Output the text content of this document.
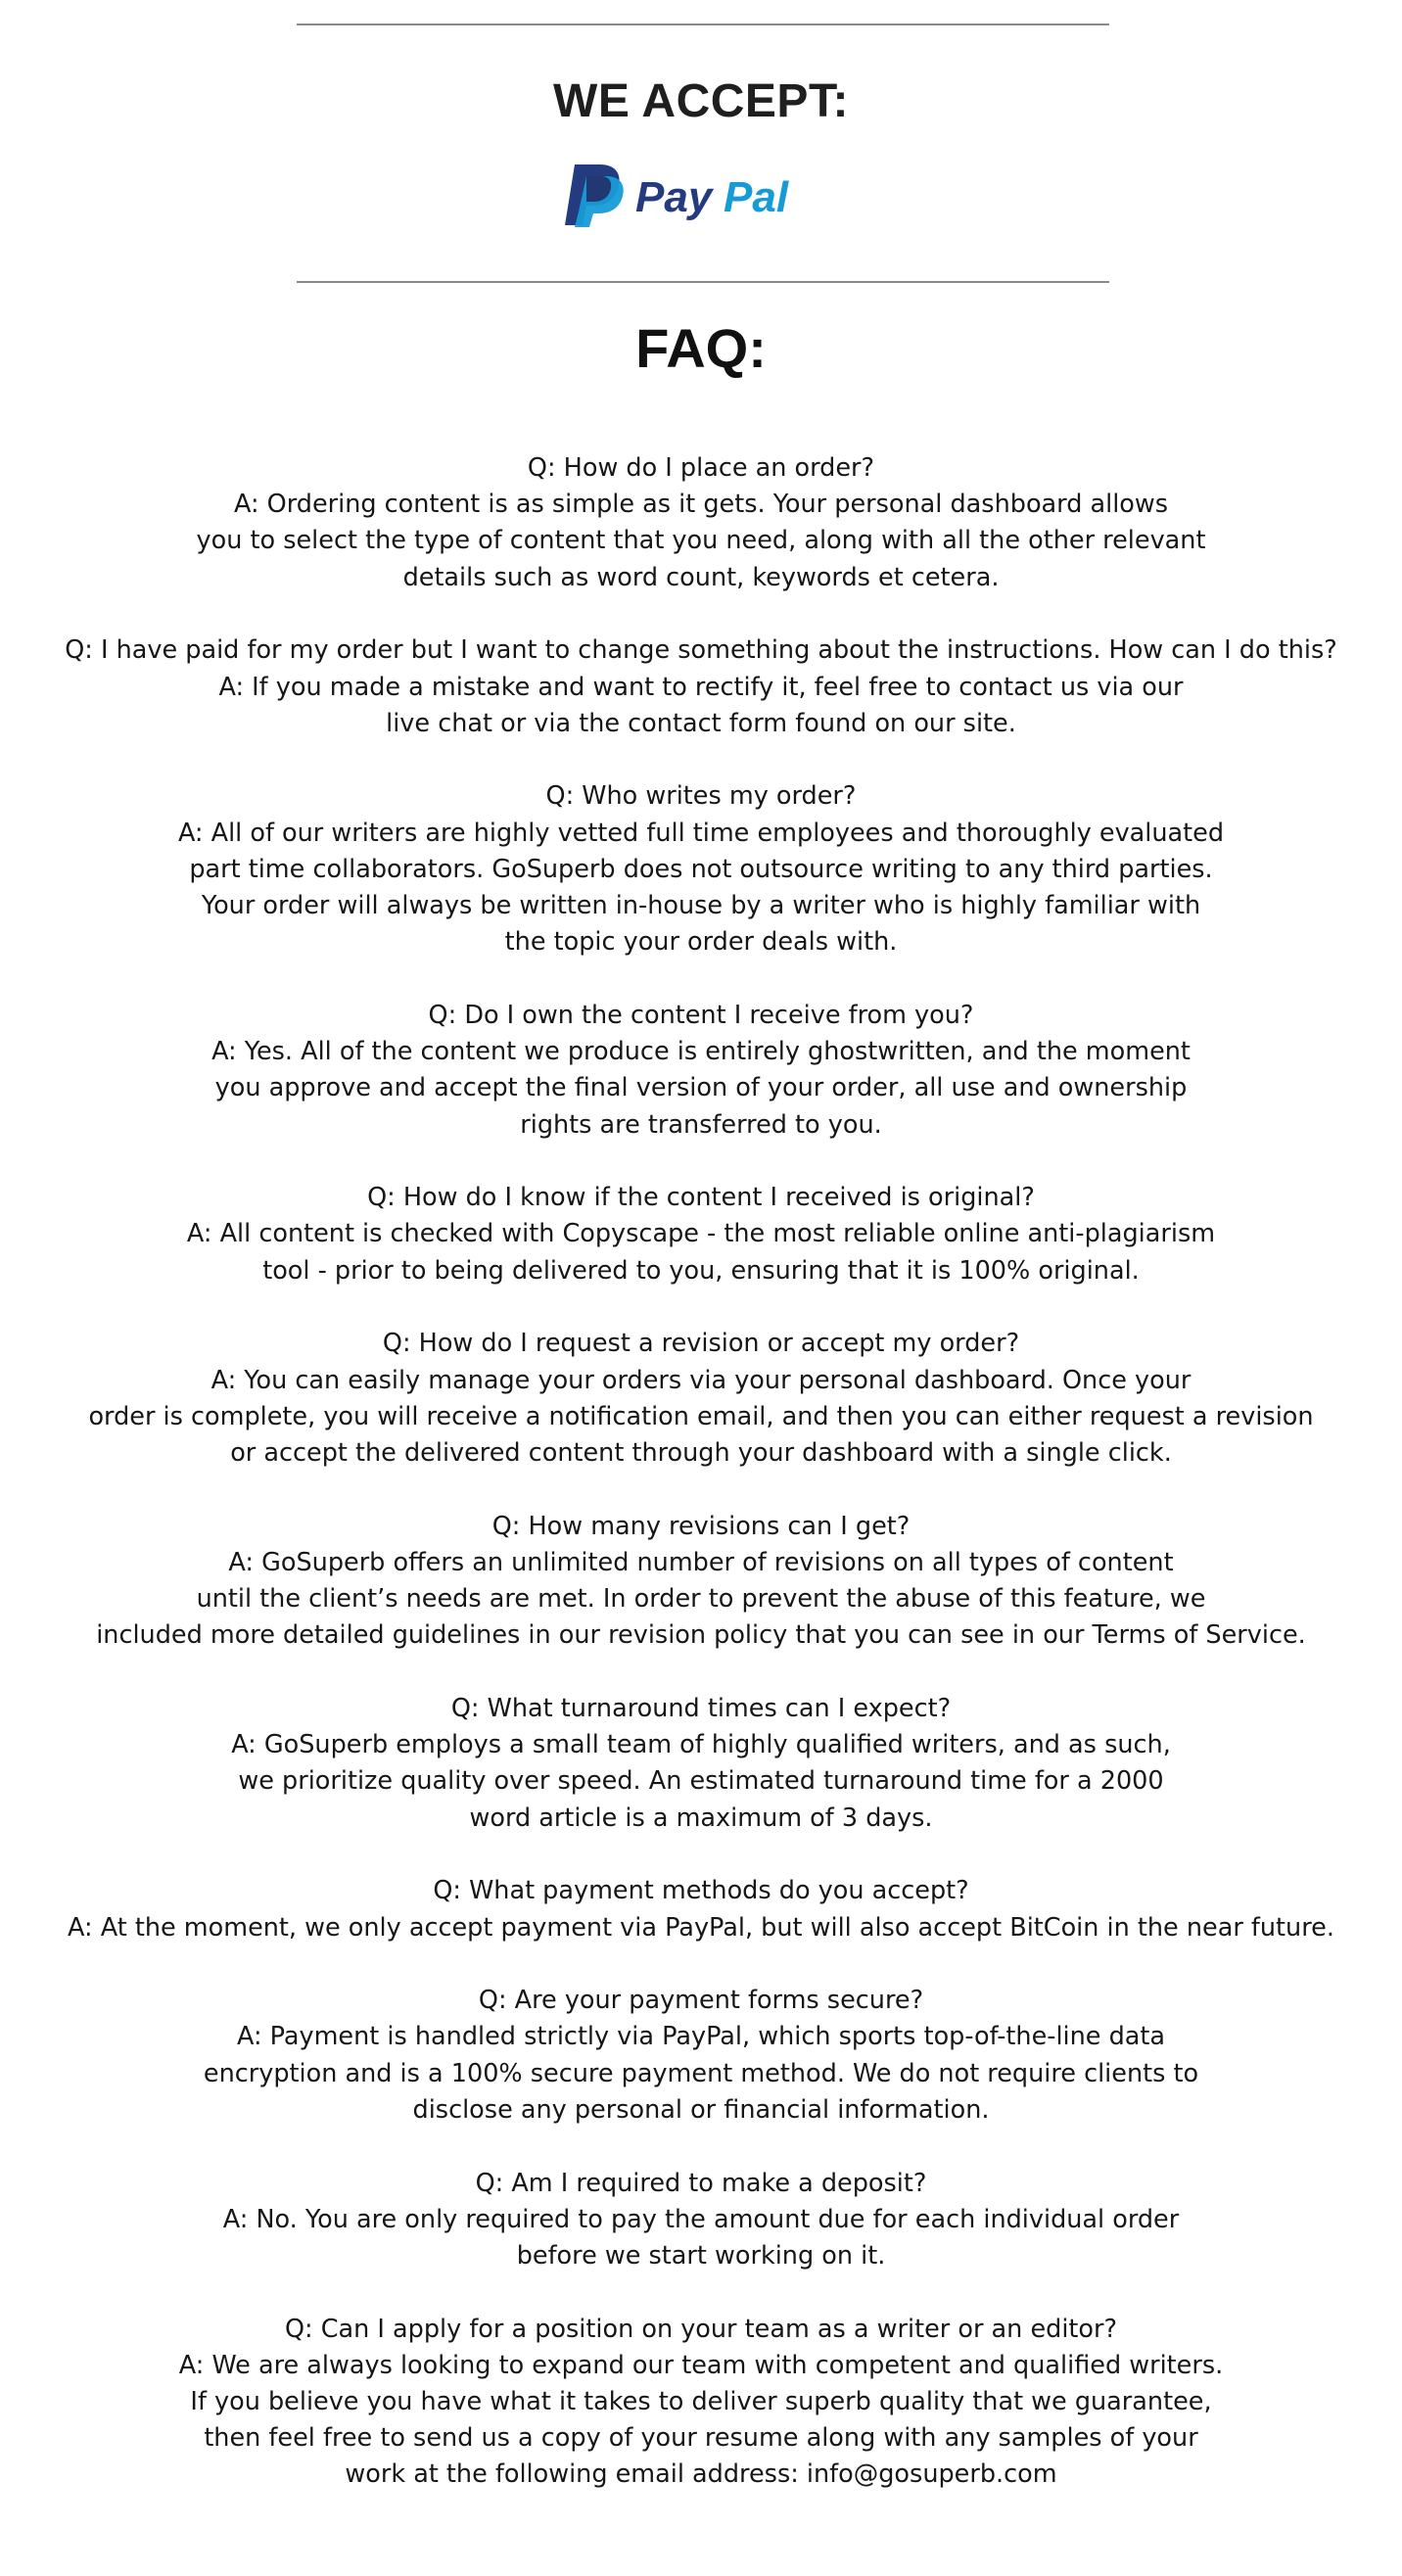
WE ACCEPT:
Pay Pal
FAQ:
Q: How do I place an order?
A: Ordering content is as simple as it gets. Your personal dashboard allows
you to select the type of content that you need, along with all the other relevant
details such as word count, keywords et cetera.
Q: I have paid for my order but I want to change something about the instructions. How can I do this?
A: If you made a mistake and want to rectify it, feel free to contact us via our
live chat or via the contact form found on our site.
Q: Who writes my order?
A: All of our writers are highly vetted full time employees and thoroughly evaluated
part time collaborators. GoSuperb does not outsource writing to any third parties.
Your order will always be written in-house by a writer who is highly familiar with
the topic your order deals with.
Q: Do I own the content I receive from you?
A: Yes. All of the content we produce is entirely ghostwritten, and the moment
you approve and accept the final version of your order, all use and ownership
rights are transferred to you.
Q: How do I know if the content I received is original?
A: All content is checked with Copyscape - the most reliable online anti-plagiarism
tool - prior to being delivered to you, ensuring that it is 100% original.
Q: How do I request a revision or accept my order?
A: You can easily manage your orders via your personal dashboard. Once your
order is complete, you will receive a notification email, and then you can either request a revision
or accept the delivered content through your dashboard with a single click.
Q: How many revisions can I get?
A: GoSuperb offers an unlimited number of revisions on all types of content
until the client’s needs are met. In order to prevent the abuse of this feature, we
included more detailed guidelines in our revision policy that you can see in our Terms of Service.
Q: What turnaround times can I expect?
A: GoSuperb employs a small team of highly qualified writers, and as such,
we prioritize quality over speed. An estimated turnaround time for a 2000
word article is a maximum of 3 days.
Q: What payment methods do you accept?
A: At the moment, we only accept payment via PayPal, but will also accept BitCoin in the near future.
Q: Are your payment forms secure?
A: Payment is handled strictly via PayPal, which sports top-of-the-line data
encryption and is a 100% secure payment method. We do not require clients to
disclose any personal or financial information.
Q: Am I required to make a deposit?
A: No. You are only required to pay the amount due for each individual order
before we start working on it.
Q: Can I apply for a position on your team as a writer or an editor?
A: We are always looking to expand our team with competent and qualified writers.
If you believe you have what it takes to deliver superb quality that we guarantee,
then feel free to send us a copy of your resume along with any samples of your
work at the following email address: info@gosuperb.com
